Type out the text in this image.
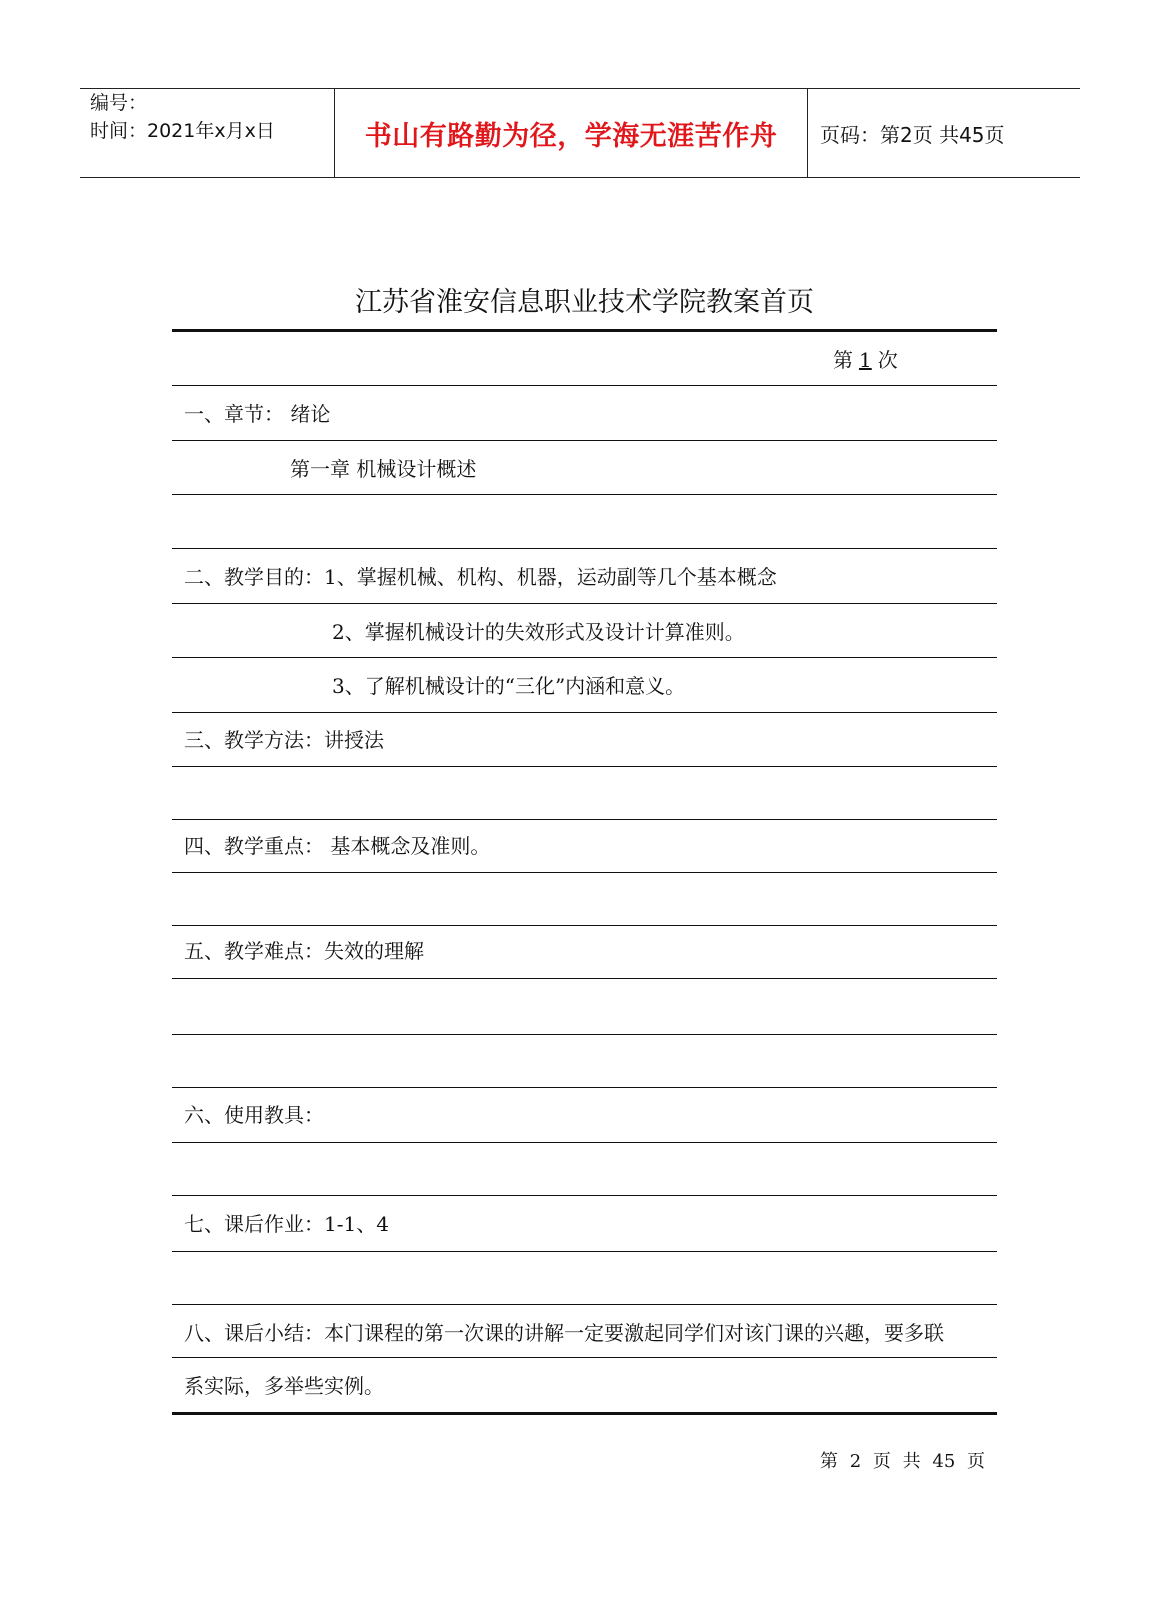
编号：
时间：2021年x月x日	书山有路勤为径，学海无涯苦作舟 页码：第2页 共45页
江苏省淮安信息职业技术学院教案首页
第 1 次
一、章节： 绪论
第一章 机械设计概述
二、教学目的：1、掌握机械、机构、机器，运动副等几个基本概念
2、掌握机械设计的失效形式及设计计算准则。
3、了解机械设计的“三化”内涵和意义。
三、教学方法：讲授法
四、教学重点： 基本概念及准则。
五、教学难点：失效的理解
六、使用教具：
七、课后作业：1-1、4
八、课后小结：本门课程的第一次课的讲解一定要激起同学们对该门课的兴趣，要多联
系实际，多举些实例。
第 2 页 共 45 页
